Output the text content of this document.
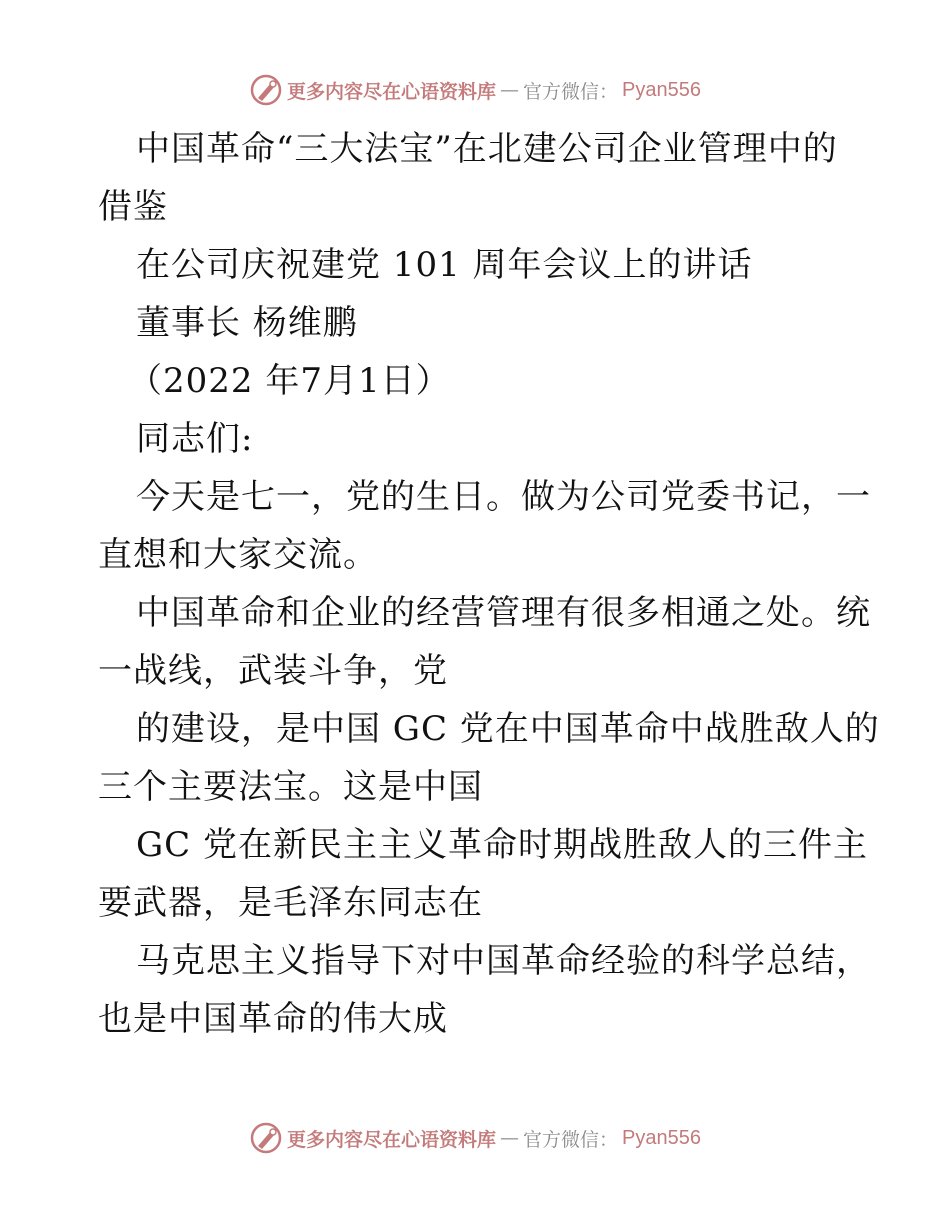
更多内容尽在心语资料库 — 官方微信： Pyan556
中国革命“三大法宝”在北建公司企业管理中的
借鉴
在公司庆祝建党 101 周年会议上的讲话
董事长 杨维鹏
（2022 年7月1日）
同志们:
今天是七一，党的生日。做为公司党委书记，一
直想和大家交流。
中国革命和企业的经营管理有很多相通之处。统
一战线，武装斗争，党
的建设，是中国 GC 党在中国革命中战胜敌人的
三个主要法宝。这是中国
GC 党在新民主主义革命时期战胜敌人的三件主
要武器，是毛泽东同志在
马克思主义指导下对中国革命经验的科学总结，
也是中国革命的伟大成
更多内容尽在心语资料库 — 官方微信： Pyan556
